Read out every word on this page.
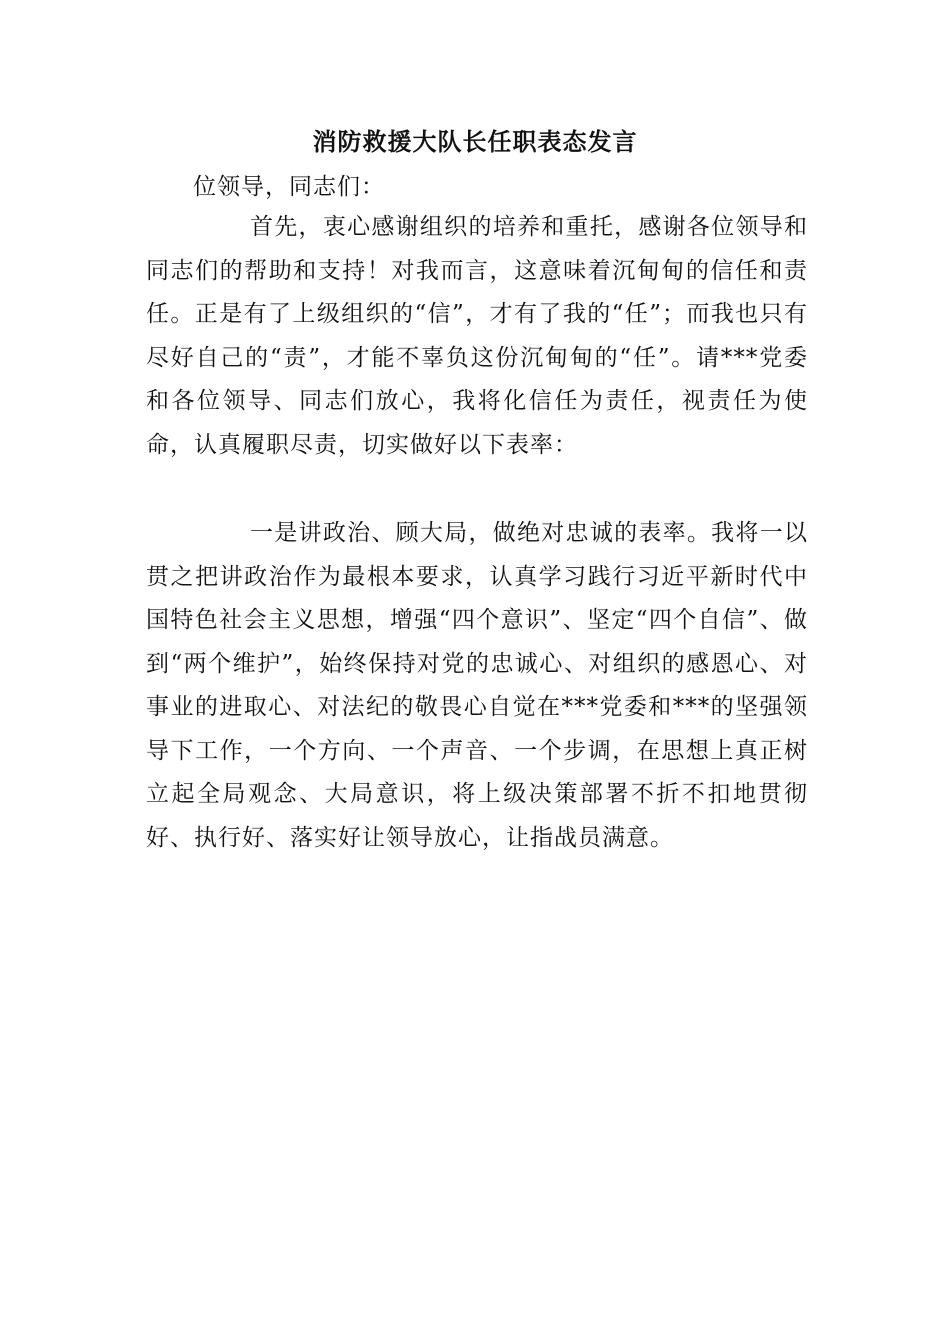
消防救援大队长任职表态发言
位领导，同志们：

首先，衷心感谢组织的培养和重托，感谢各位领导和同志们的帮助和支持！对我而言，这意味着沉甸甸的信任和责任。正是有了上级组织的“信”，才有了我的“任”；而我也只有尽好自己的“责”，才能不辜负这份沉甸甸的“任”。请***党委和各位领导、同志们放心，我将化信任为责任，视责任为使命，认真履职尽责，切实做好以下表率：

一是讲政治、顾大局，做绝对忠诚的表率。我将一以贯之把讲政治作为最根本要求，认真学习践行习近平新时代中国特色社会主义思想，增强“四个意识”、坚定“四个自信”、做到“两个维护”，始终保持对党的忠诚心、对组织的感恩心、对事业的进取心、对法纪的敬畏心自觉在***党委和***的坚强领导下工作，一个方向、一个声音、一个步调，在思想上真正树立起全局观念、大局意识，将上级决策部署不折不扣地贯彻好、执行好、落实好让领导放心，让指战员满意。
